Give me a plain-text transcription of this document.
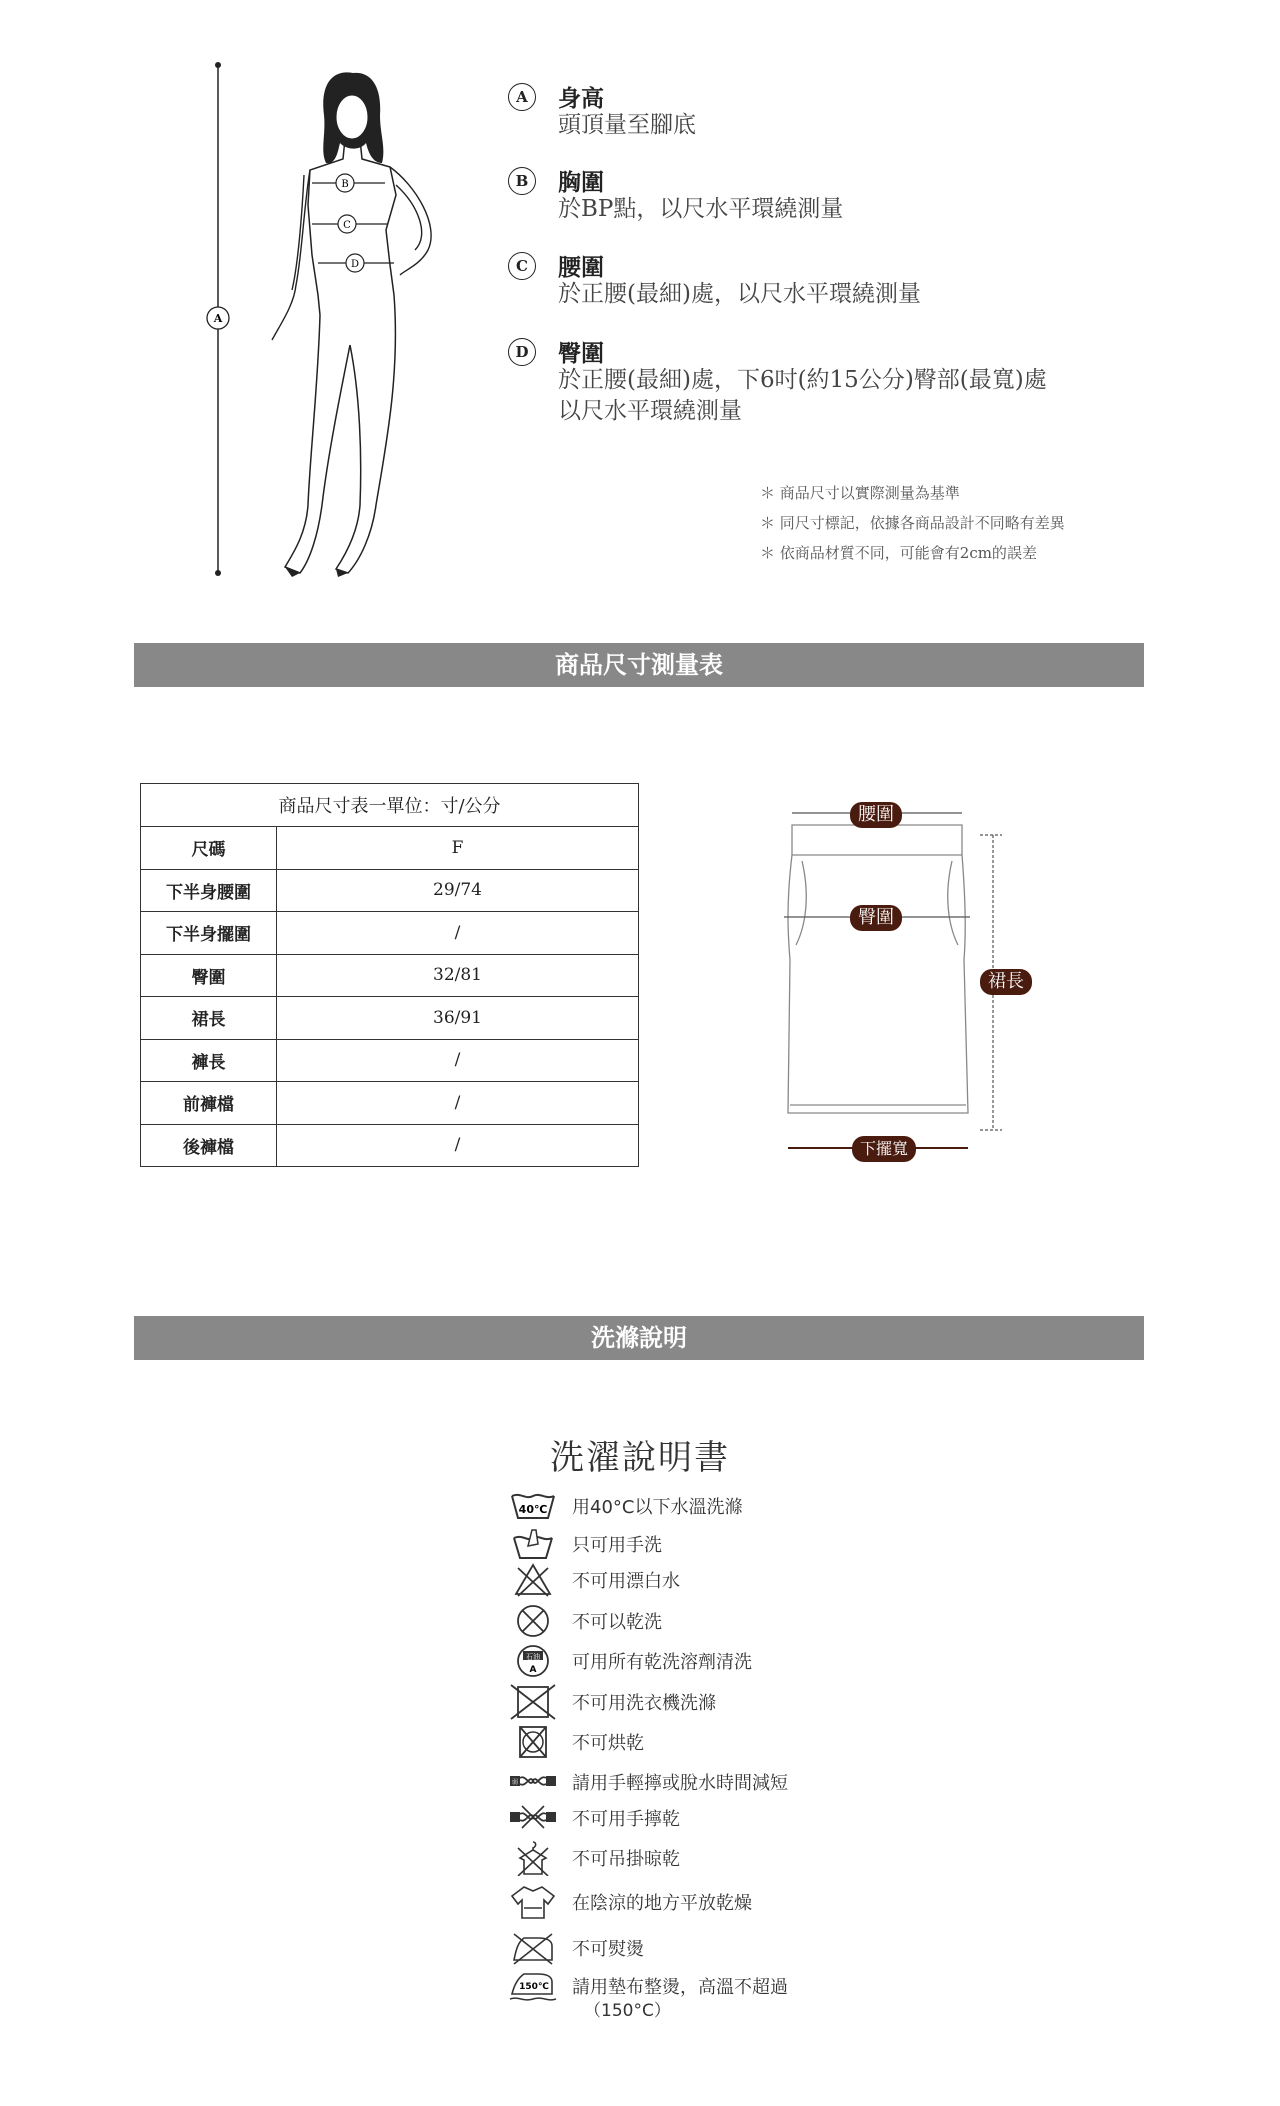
A
B
C
D
A	身高
頭頂量至腳底
B	胸圍
於BP點，以尺水平環繞測量
C	腰圍
於正腰(最細)處，以尺水平環繞測量
D	臀圍
於正腰(最細)處，下6吋(約15公分)臀部(最寬)處
以尺水平環繞測量
＊ 商品尺寸以實際測量為基準
＊ 同尺寸標記，依據各商品設計不同略有差異
＊ 依商品材質不同，可能會有2cm的誤差
商品尺寸測量表
商品尺寸表一單位：寸/公分	
尺碼	F
下半身腰圍	29/74
下半身擺圍	/
臀圍	32/81
裙長	36/91
褲長	/
前褲檔	/
後褲檔	/
腰圍
臀圍
裙長
下擺寬
洗滌說明
洗濯說明書
40℃ 用40°C以下水溫洗滌
只可用手洗
不可用漂白水
不可以乾洗
石油
A 可用所有乾洗溶劑清洗
不可用洗衣機洗滌
不可烘乾
弱	請用手輕擰或脫水時間減短
不可用手擰乾
不可吊掛晾乾
在陰涼的地方平放乾燥
不可熨燙
150℃ 請用墊布整燙，高溫不超過
（150°C）
